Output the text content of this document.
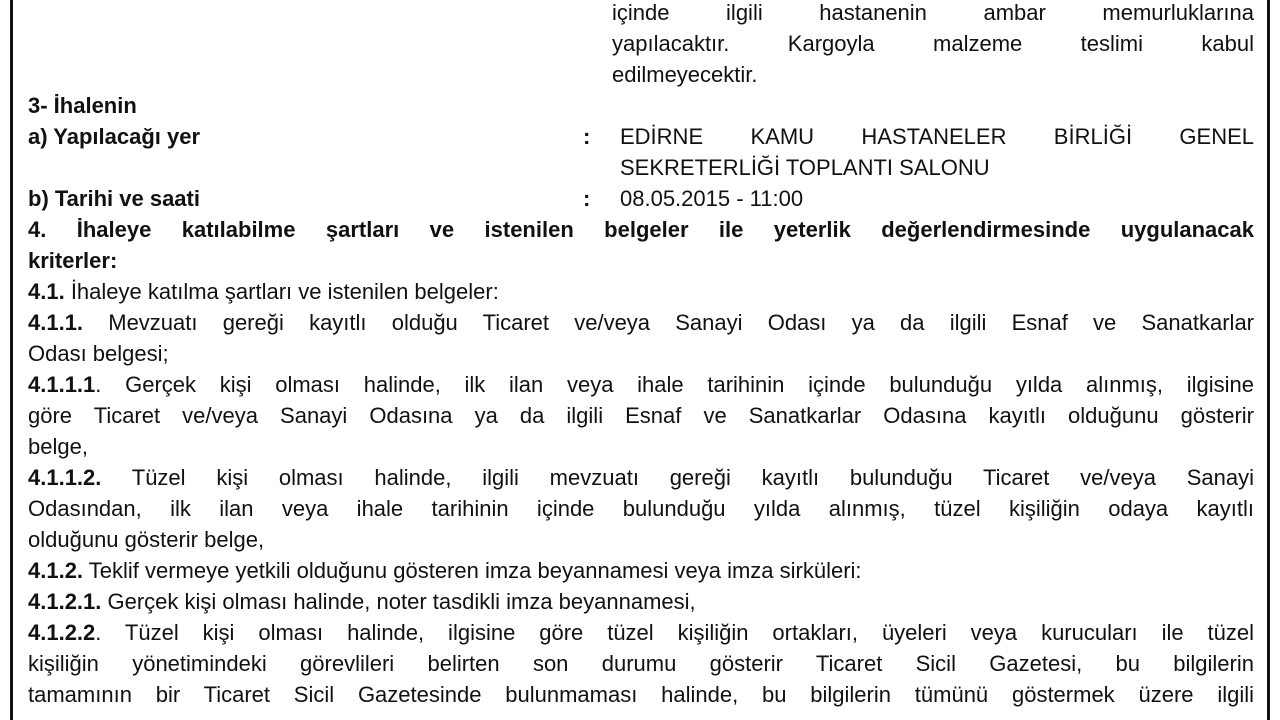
içinde ilgili hastanenin ambar memurluklarına
yapılacaktır. Kargoyla malzeme teslimi kabul
edilmeyecektir.
3- İhalenin
a) Yapılacağı yer	: EDİRNE KAMU HASTANELER BİRLİĞİ GENEL
SEKRETERLİĞİ TOPLANTI SALONU
b) Tarihi ve saati	: 08.05.2015 - 11:00
4. İhaleye katılabilme şartları ve istenilen belgeler ile yeterlik değerlendirmesinde uygulanacak
kriterler:
4.1. İhaleye katılma şartları ve istenilen belgeler:
4.1.1. Mevzuatı gereği kayıtlı olduğu Ticaret ve/veya Sanayi Odası ya da ilgili Esnaf ve Sanatkarlar
Odası belgesi;
4.1.1.1. Gerçek kişi olması halinde, ilk ilan veya ihale tarihinin içinde bulunduğu yılda alınmış, ilgisine
göre Ticaret ve/veya Sanayi Odasına ya da ilgili Esnaf ve Sanatkarlar Odasına kayıtlı olduğunu gösterir
belge,
4.1.1.2. Tüzel kişi olması halinde, ilgili mevzuatı gereği kayıtlı bulunduğu Ticaret ve/veya Sanayi
Odasından, ilk ilan veya ihale tarihinin içinde bulunduğu yılda alınmış, tüzel kişiliğin odaya kayıtlı
olduğunu gösterir belge,
4.1.2. Teklif vermeye yetkili olduğunu gösteren imza beyannamesi veya imza sirküleri:
4.1.2.1. Gerçek kişi olması halinde, noter tasdikli imza beyannamesi,
4.1.2.2. Tüzel kişi olması halinde, ilgisine göre tüzel kişiliğin ortakları, üyeleri veya kurucuları ile tüzel
kişiliğin yönetimindeki görevlileri belirten son durumu gösterir Ticaret Sicil Gazetesi, bu bilgilerin
tamamının bir Ticaret Sicil Gazetesinde bulunmaması halinde, bu bilgilerin tümünü göstermek üzere ilgili
